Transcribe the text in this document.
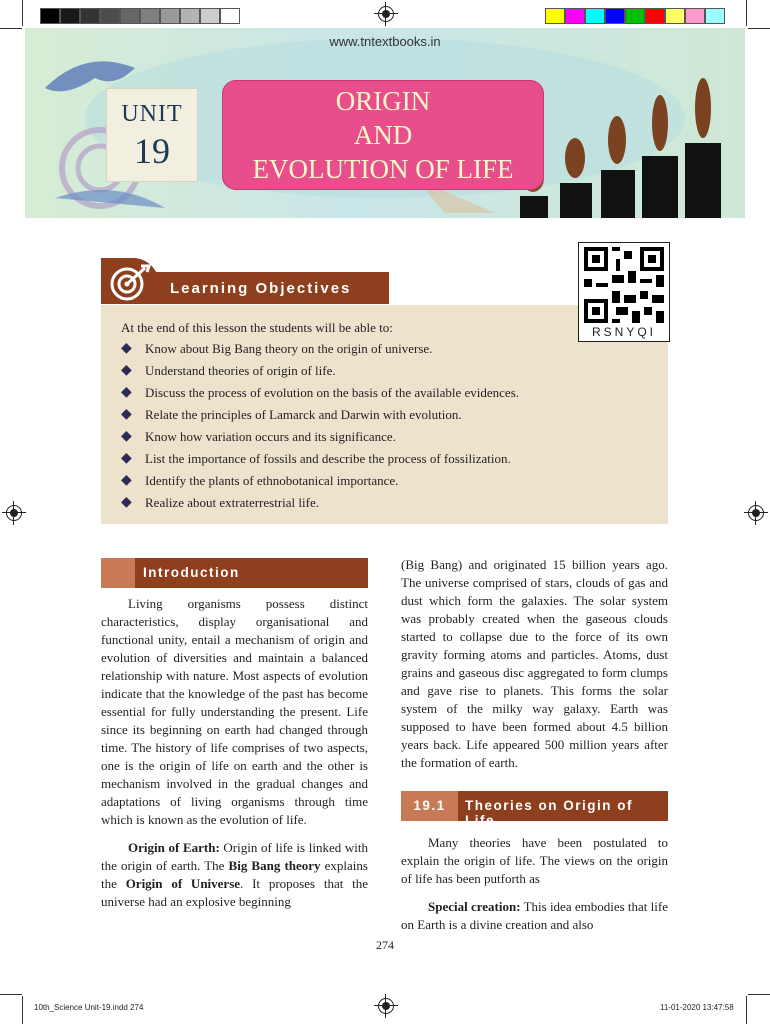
www.tntextbooks.in
UNIT
19
ORIGIN
AND
EVOLUTION OF LIFE
Learning Objectives
RSNYQI
At the end of this lesson the students will be able to:
◆	Know about Big Bang theory on the origin of universe.
◆	Understand theories of origin of life.
◆	Discuss the process of evolution on the basis of the available evidences.
◆	Relate the principles of Lamarck and Darwin with evolution.
◆	Know how variation occurs and its significance.
◆	List the importance of fossils and describe the process of fossilization.
◆	Identify the plants of ethnobotanical importance.
◆	Realize about extraterrestrial life.
Introduction

Living organisms possess distinct characteristics, display organisational and functional unity, entail a mechanism of origin and evolution of diversities and maintain a balanced relationship with nature. Most aspects of evolution indicate that the knowledge of the past has become essential for fully understanding the present. Life since its beginning on earth had changed through time. The history of life comprises of two aspects, one is the origin of life on earth and the other is mechanism involved in the gradual changes and adaptations of living organisms through time which is known as the evolution of life.

Origin of Earth: Origin of life is linked with the origin of earth. The Big Bang theory explains the Origin of Universe. It proposes that the universe had an explosive beginning

(Big Bang) and originated 15 billion years ago. The universe comprised of stars, clouds of gas and dust which form the galaxies. The solar system was probably created when the gaseous clouds started to collapse due to the force of its own gravity forming atoms and particles. Atoms, dust grains and gaseous disc aggregated to form clumps and gave rise to planets. This forms the solar system of the milky way galaxy. Earth was supposed to have been formed about 4.5 billion years back. Life appeared 500 million years after the formation of earth.

19.1	Theories on Origin of Life

Many theories have been postulated to explain the origin of life. The views on the origin of life has been putforth as

Special creation: This idea embodies that life on Earth is a divine creation and also

274
10th_Science Unit-19.indd 274	11-01-2020 13:47:58
